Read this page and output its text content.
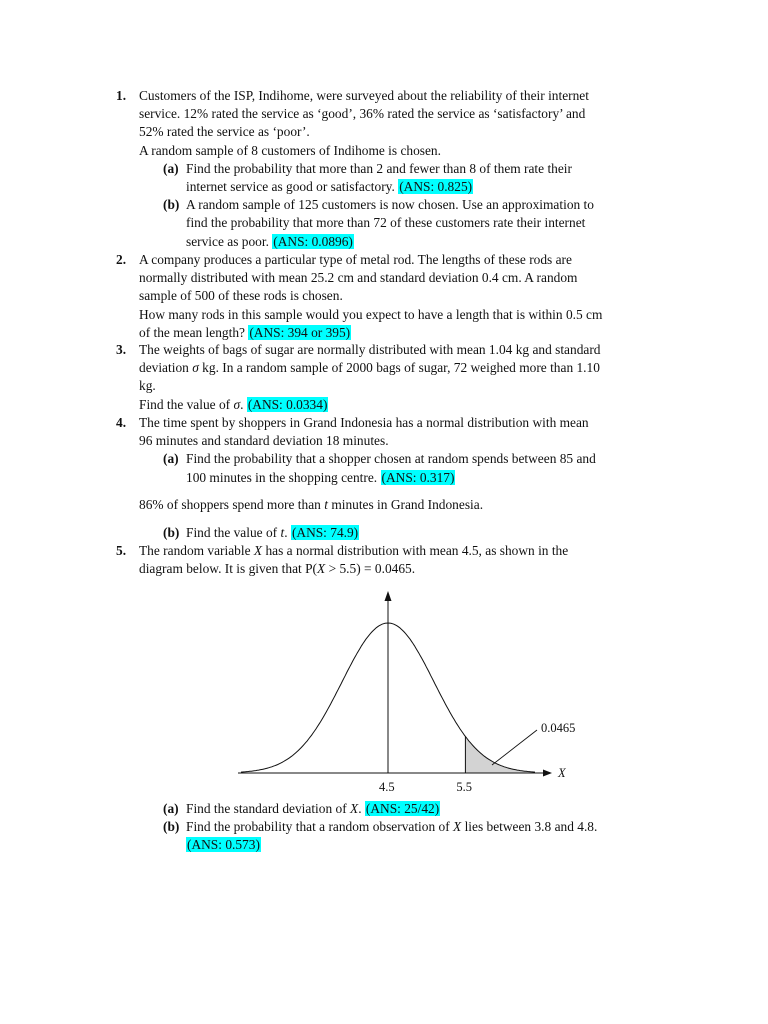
1. Customers of the ISP, Indihome, were surveyed about the reliability of their internet
service. 12% rated the service as ‘good’, 36% rated the service as ‘satisfactory’ and
52% rated the service as ‘poor’.
A random sample of 8 customers of Indihome is chosen.
(a) Find the probability that more than 2 and fewer than 8 of them rate their
internet service as good or satisfactory. (ANS: 0.825)
(b) A random sample of 125 customers is now chosen. Use an approximation to
find the probability that more than 72 of these customers rate their internet
service as poor. (ANS: 0.0896)
2. A company produces a particular type of metal rod. The lengths of these rods are
normally distributed with mean 25.2 cm and standard deviation 0.4 cm. A random
sample of 500 of these rods is chosen.
How many rods in this sample would you expect to have a length that is within 0.5 cm
of the mean length? (ANS: 394 or 395)
3. The weights of bags of sugar are normally distributed with mean 1.04 kg and standard
deviation σ kg. In a random sample of 2000 bags of sugar, 72 weighed more than 1.10
kg.
Find the value of σ. (ANS: 0.0334)
4. The time spent by shoppers in Grand Indonesia has a normal distribution with mean
96 minutes and standard deviation 18 minutes.
(a) Find the probability that a shopper chosen at random spends between 85 and
100 minutes in the shopping centre. (ANS: 0.317)
86% of shoppers spend more than t minutes in Grand Indonesia.
(b) Find the value of t. (ANS: 74.9)
5. The random variable X has a normal distribution with mean 4.5, as shown in the
diagram below. It is given that P(X > 5.5) = 0.0465.
0.0465
4.5	5.5
X
(a) Find the standard deviation of X. (ANS: 25/42)
(b) Find the probability that a random observation of X lies between 3.8 and 4.8.
(ANS: 0.573)
